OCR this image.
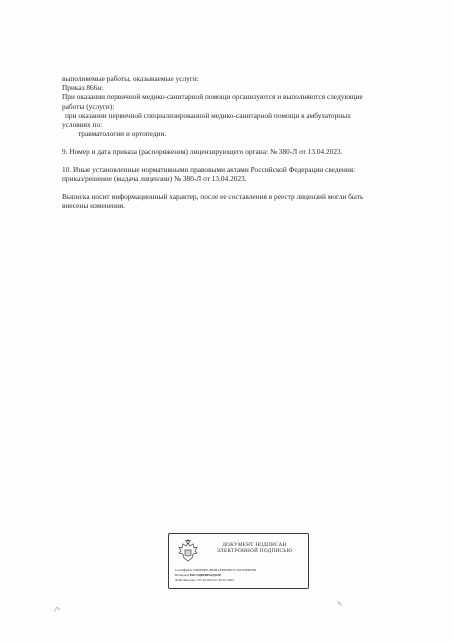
выполняемые работы, оказываемые услуги:

Приказ 866н:

При оказании первичной медико-санитарной помощи организуются и выполняются следующие

работы (услуги):

при оказании первичной специализированной медико-санитарной помощи в амбулаторных

условиях по:

травматологии и ортопедии.

9. Номер и дата приказа (распоряжения) лицензирующего органа: № 380-Л от 13.04.2023.

10. Иные установленные нормативными правовыми актами Российской Федерации сведения:

приказ/решение (выдача лицензии) № 380-Л от 13.04.2023.

Выписка носит информационный характер, после ее составления в реестр лицензий могли быть

внесены изменения.

ДОКУМЕНТ ПОДПИСАН
ЭЛЕКТРОННОЙ ПОДПИСЬЮ
Сертификат 0566FDB51802BAF09E9E21C19C95E9F984
Владелец РОСЗДРАВНАДЗОР
Действителен с 05.10.2022 по 05.01.2024
